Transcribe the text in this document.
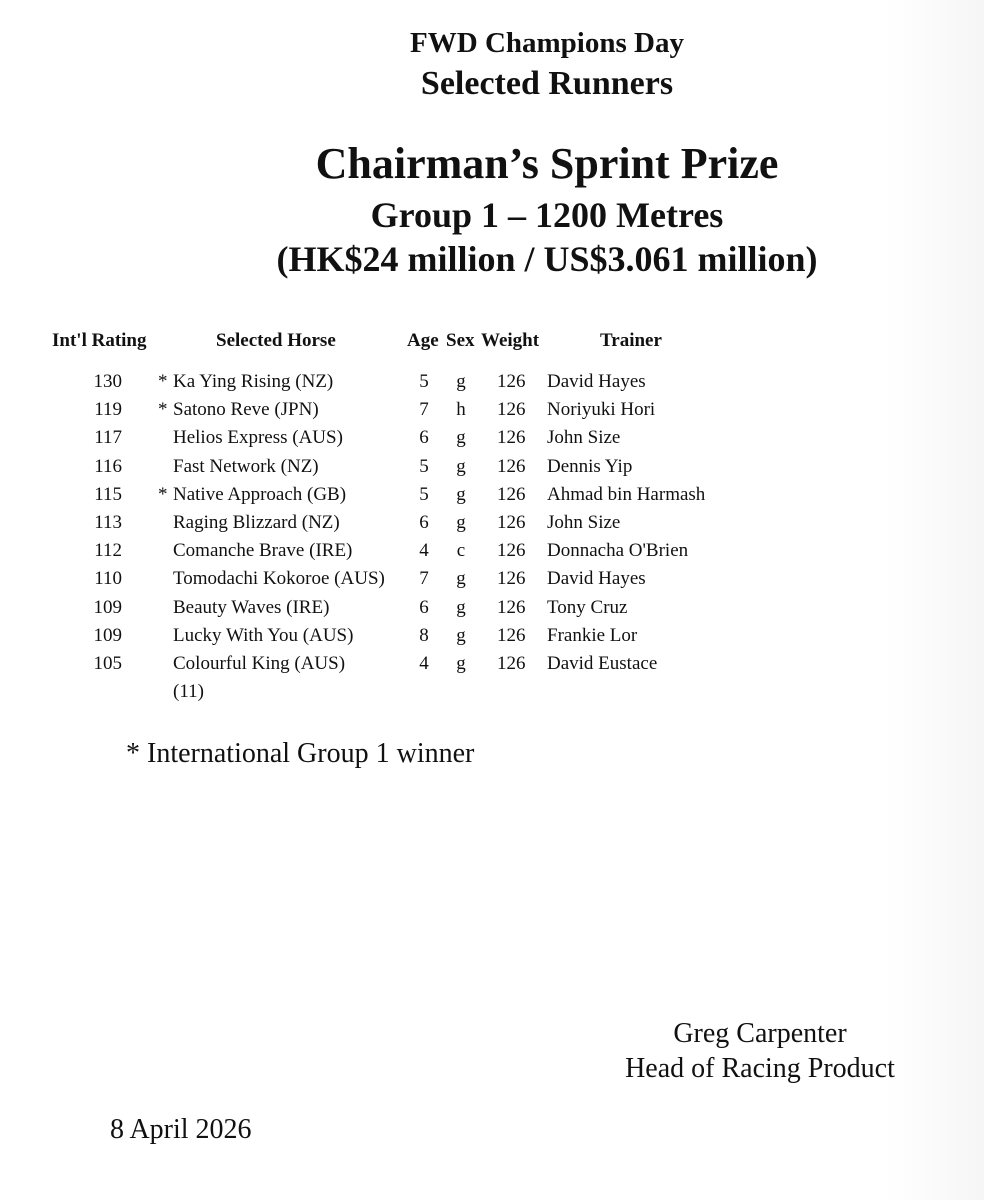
FWD Champions Day
Selected Runners
Chairman’s Sprint Prize
Group 1 – 1200 Metres
(HK$24 million / US$3.061 million)
Int'l Rating	Selected Horse	Age Sex Weight	Trainer
130 * Ka Ying Rising (NZ)	5 g 126 David Hayes
119 * Satono Reve (JPN)	7 h 126 Noriyuki Hori
117	Helios Express (AUS)	6 g 126 John Size
116	Fast Network (NZ)	5 g 126 Dennis Yip
115 * Native Approach (GB)	5 g 126 Ahmad bin Harmash
113	Raging Blizzard (NZ)	6 g 126 John Size
112	Comanche Brave (IRE)	4 c 126 Donnacha O'Brien
110	Tomodachi Kokoroe (AUS) 7 g 126 David Hayes
109	Beauty Waves (IRE)	6 g 126 Tony Cruz
109	Lucky With You (AUS)	8 g 126 Frankie Lor
105	Colourful King (AUS)	4 g 126 David Eustace
(11)
* International Group 1 winner
Greg Carpenter
Head of Racing Product
8 April 2026
